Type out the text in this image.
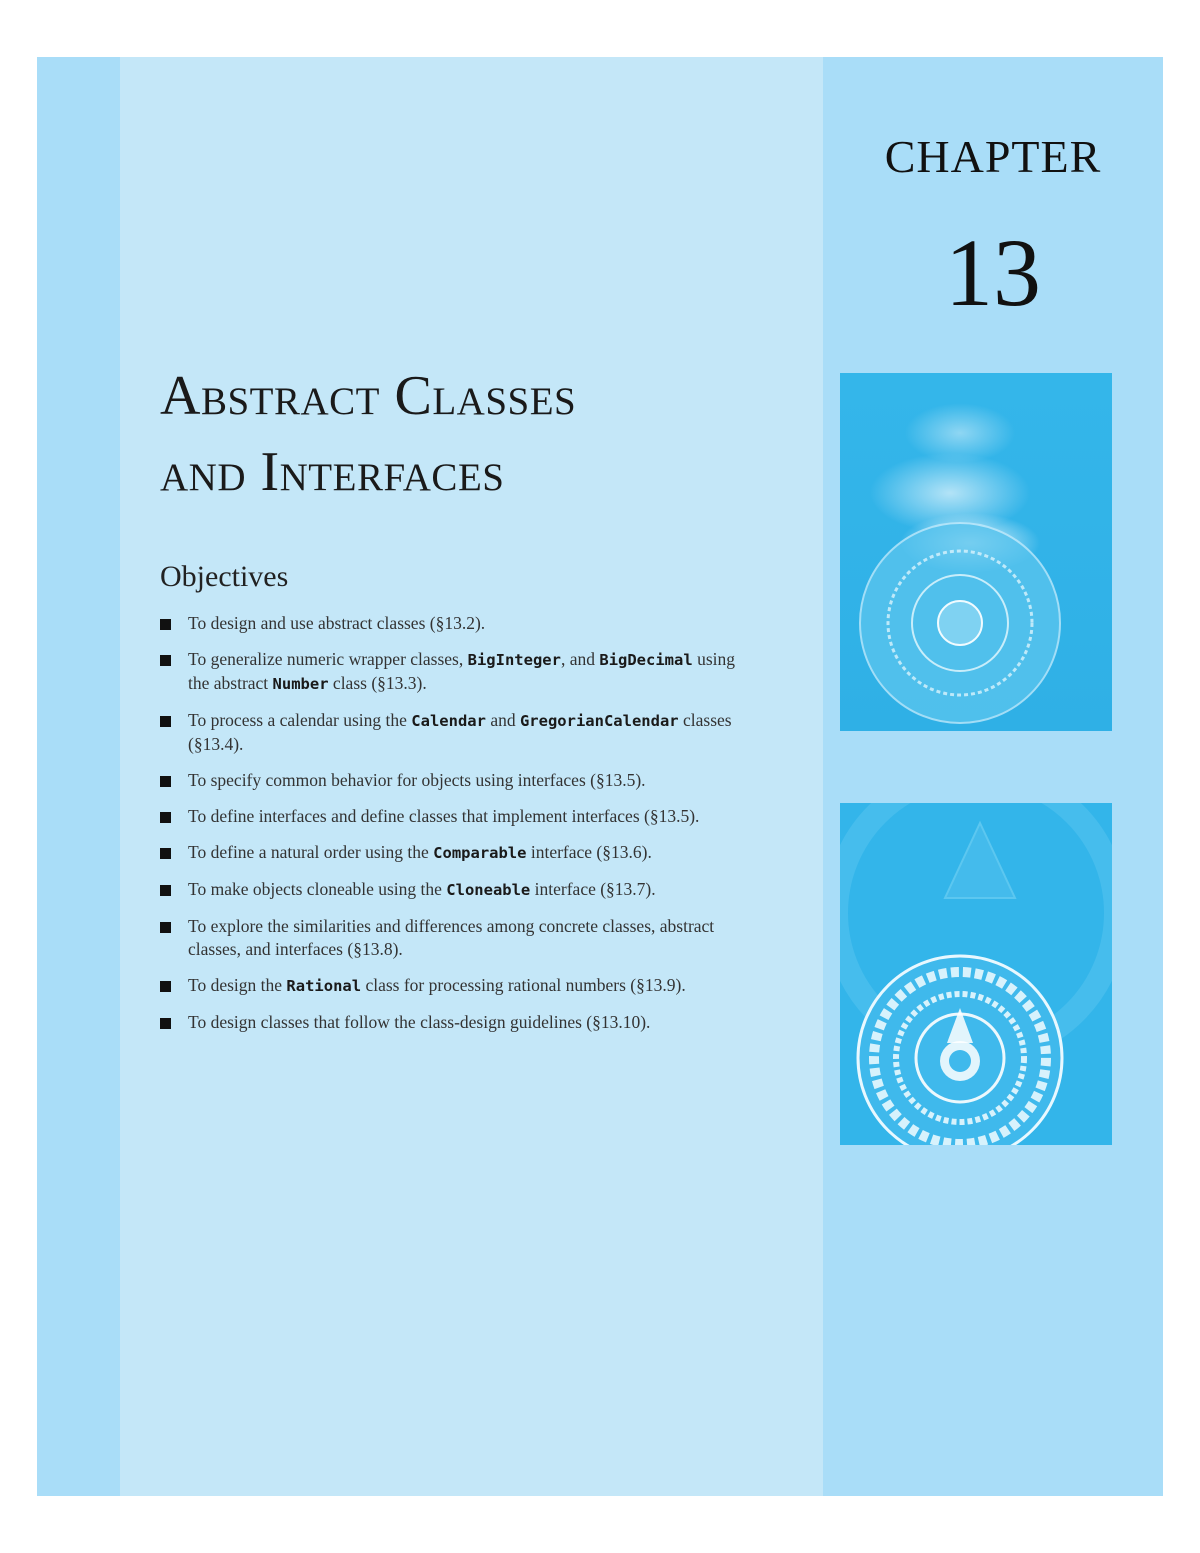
CHAPTER
13
Abstract Classes
and Interfaces
Objectives
To design and use abstract classes (§13.2).
To generalize numeric wrapper classes, BigInteger, and BigDecimal using the abstract Number class (§13.3).
To process a calendar using the Calendar and GregorianCalendar classes (§13.4).
To specify common behavior for objects using interfaces (§13.5).
To define interfaces and define classes that implement interfaces (§13.5).
To define a natural order using the Comparable interface (§13.6).
To make objects cloneable using the Cloneable interface (§13.7).
To explore the similarities and differences among concrete classes, abstract classes, and interfaces (§13.8).
To design the Rational class for processing rational numbers (§13.9).
To design classes that follow the class-design guidelines (§13.10).
